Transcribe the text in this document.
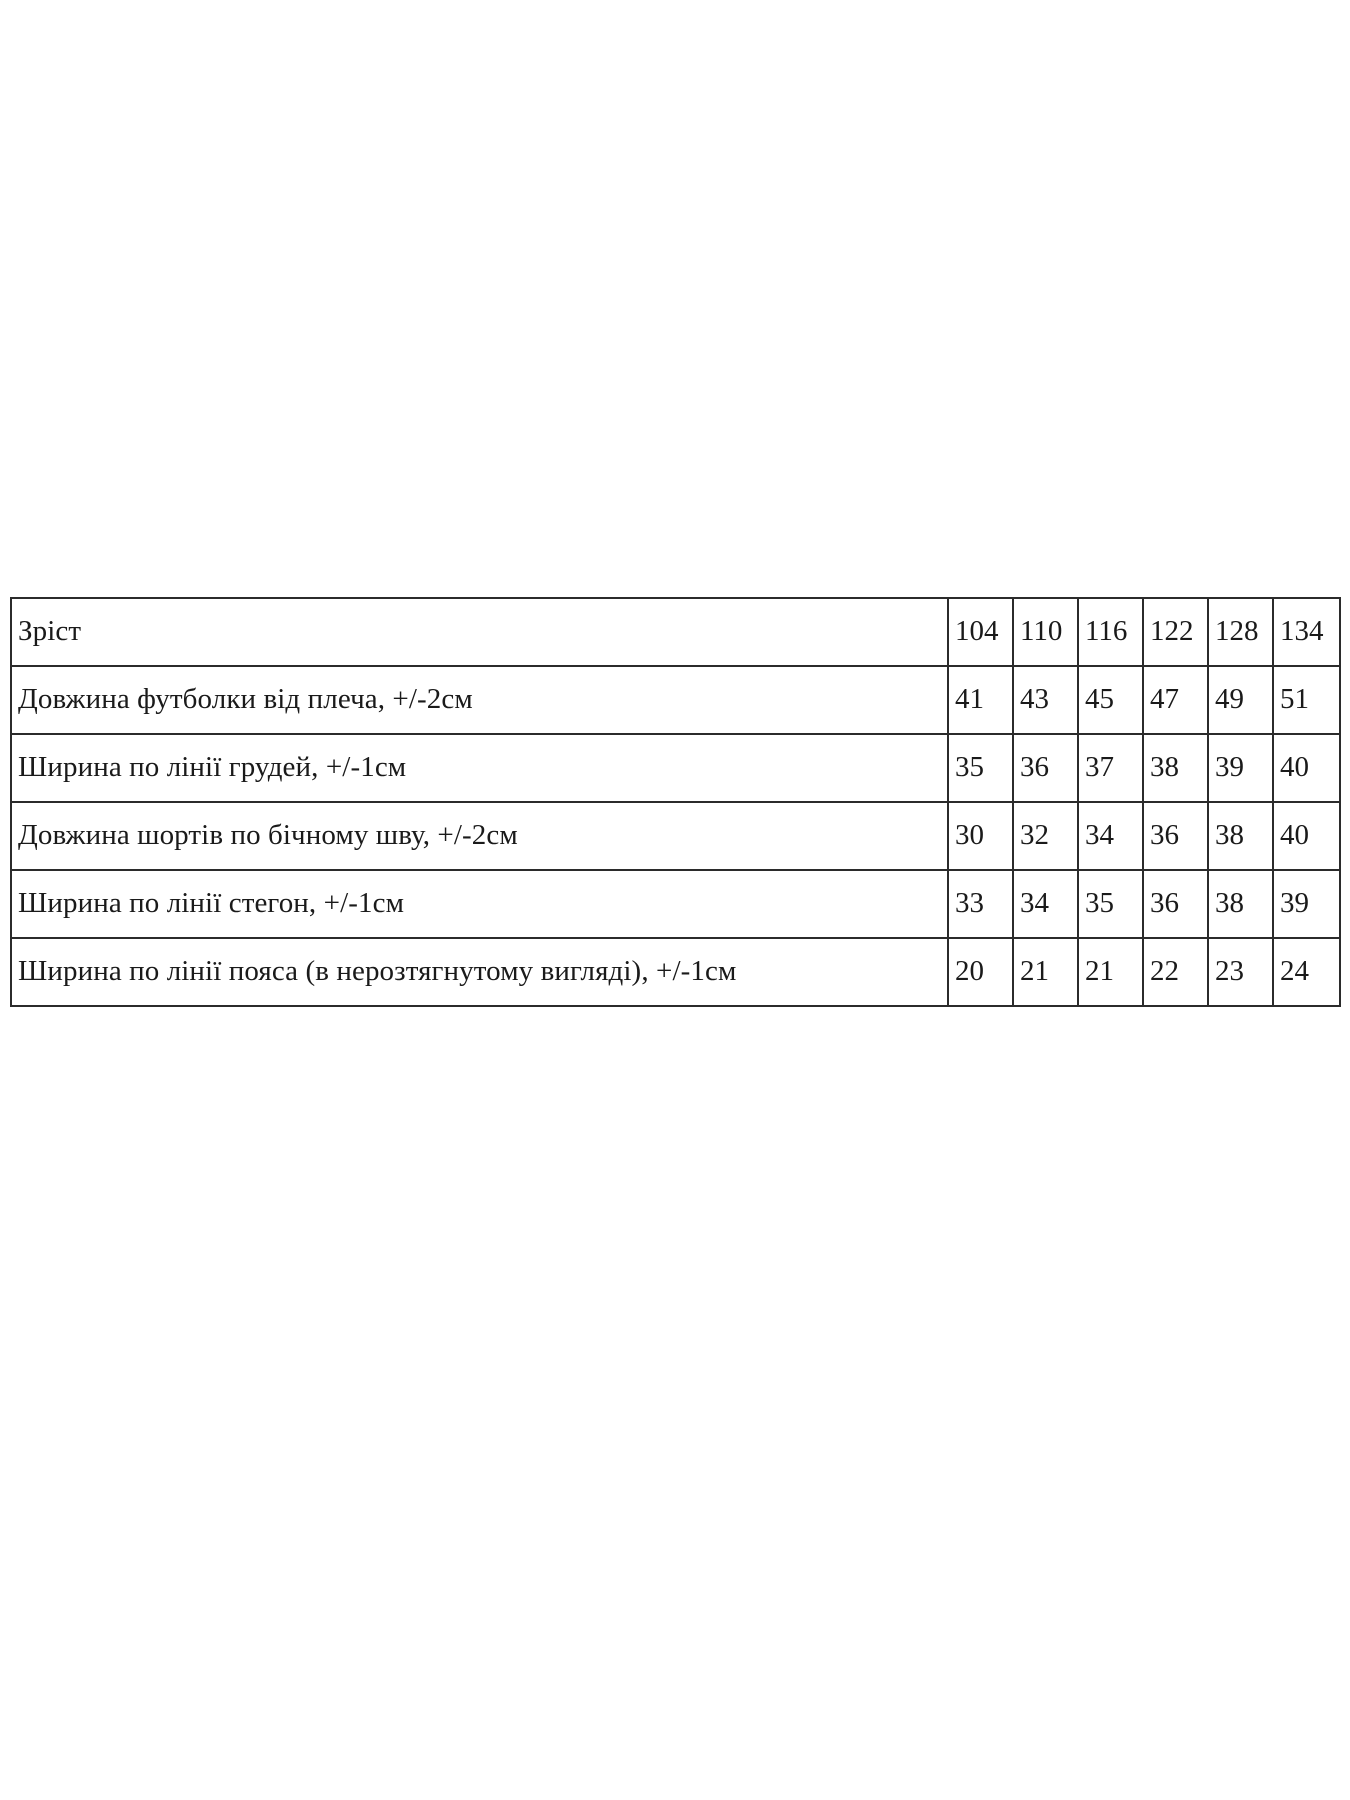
Зріст	104	110	116	122	128	134
Довжина футболки від плеча, +/-2см	41	43	45	47	49	51
Ширина по лінії грудей, +/-1см	35	36	37	38	39	40
Довжина шортів по бічному шву, +/-2см	30	32	34	36	38	40
Ширина по лінії стегон, +/-1см	33	34	35	36	38	39
Ширина по лінії пояса (в нерозтягнутому вигляді), +/-1см	20	21	21	22	23	24
